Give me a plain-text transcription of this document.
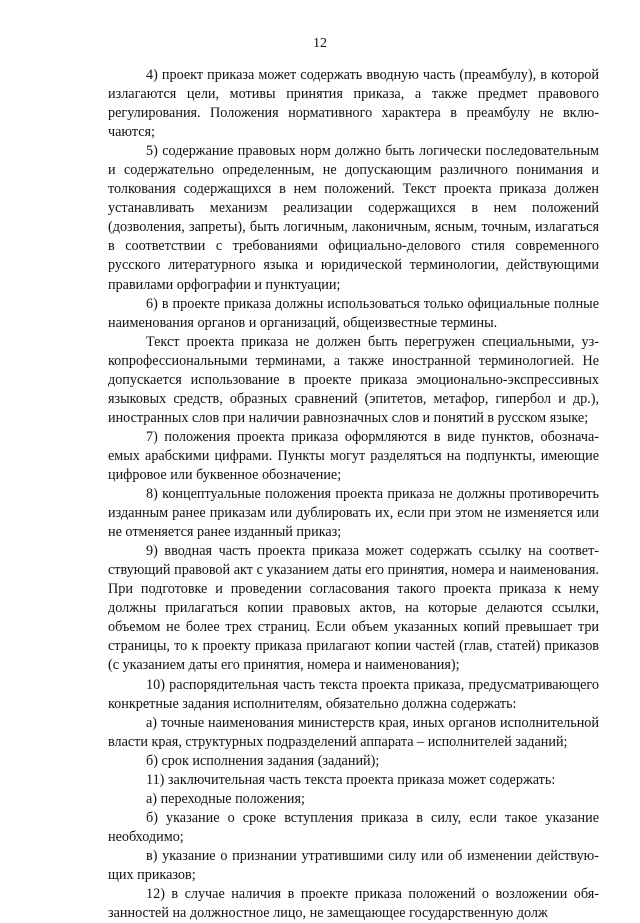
12

4) проект приказа может содержать вводную часть (преамбулу), в которой излагаются цели, мотивы принятия приказа, а также предмет правового регулирования. Положения нормативного характера в преамбулу не включаются;

5) содержание правовых норм должно быть логически последовательным и содержательно определенным, не допускающим различного понимания и толкования содержащихся в нем положений. Текст проекта приказа должен устанавливать механизм реализации содержащихся в нем положений (дозволения, запреты), быть логичным, лаконичным, ясным, точным, излагаться в соответствии с требованиями официально-делового стиля современного русского литературного языка и юридической терминологии, действующими правилами орфографии и пунктуации;

6) в проекте приказа должны использоваться только официальные полные наименования органов и организаций, общеизвестные термины.

Текст проекта приказа не должен быть перегружен специальными, узкопрофессиональными терминами, а также иностранной терминологией. Не допускается использование в проекте приказа эмоционально-экспрессивных языковых средств, образных сравнений (эпитетов, метафор, гипербол и др.), иностранных слов при наличии равнозначных слов и понятий в русском языке;

7) положения проекта приказа оформляются в виде пунктов, обозначаемых арабскими цифрами. Пункты могут разделяться на подпункты, имеющие цифровое или буквенное обозначение;

8) концептуальные положения проекта приказа не должны противоречить изданным ранее приказам или дублировать их, если при этом не изменяется или не отменяется ранее изданный приказ;

9) вводная часть проекта приказа может содержать ссылку на соответствующий правовой акт с указанием даты его принятия, номера и наименования. При подготовке и проведении согласования такого проекта приказа к нему должны прилагаться копии правовых актов, на которые делаются ссылки, объемом не более трех страниц. Если объем указанных копий превышает три страницы, то к проекту приказа прилагают копии частей (глав, статей) приказов (с указанием даты его принятия, номера и наименования);

10) распорядительная часть текста проекта приказа, предусматривающего конкретные задания исполнителям, обязательно должна содержать:

а) точные наименования министерств края, иных органов исполнительной власти края, структурных подразделений аппарата – исполнителей заданий;

б) срок исполнения задания (заданий);

11) заключительная часть текста проекта приказа может содержать:

а) переходные положения;

б) указание о сроке вступления приказа в силу, если такое указание необходимо;

в) указание о признании утратившими силу или об изменении действующих приказов;

12) в случае наличия в проекте приказа положений о возложении обязанностей на должностное лицо, не замещающее государственную долж
